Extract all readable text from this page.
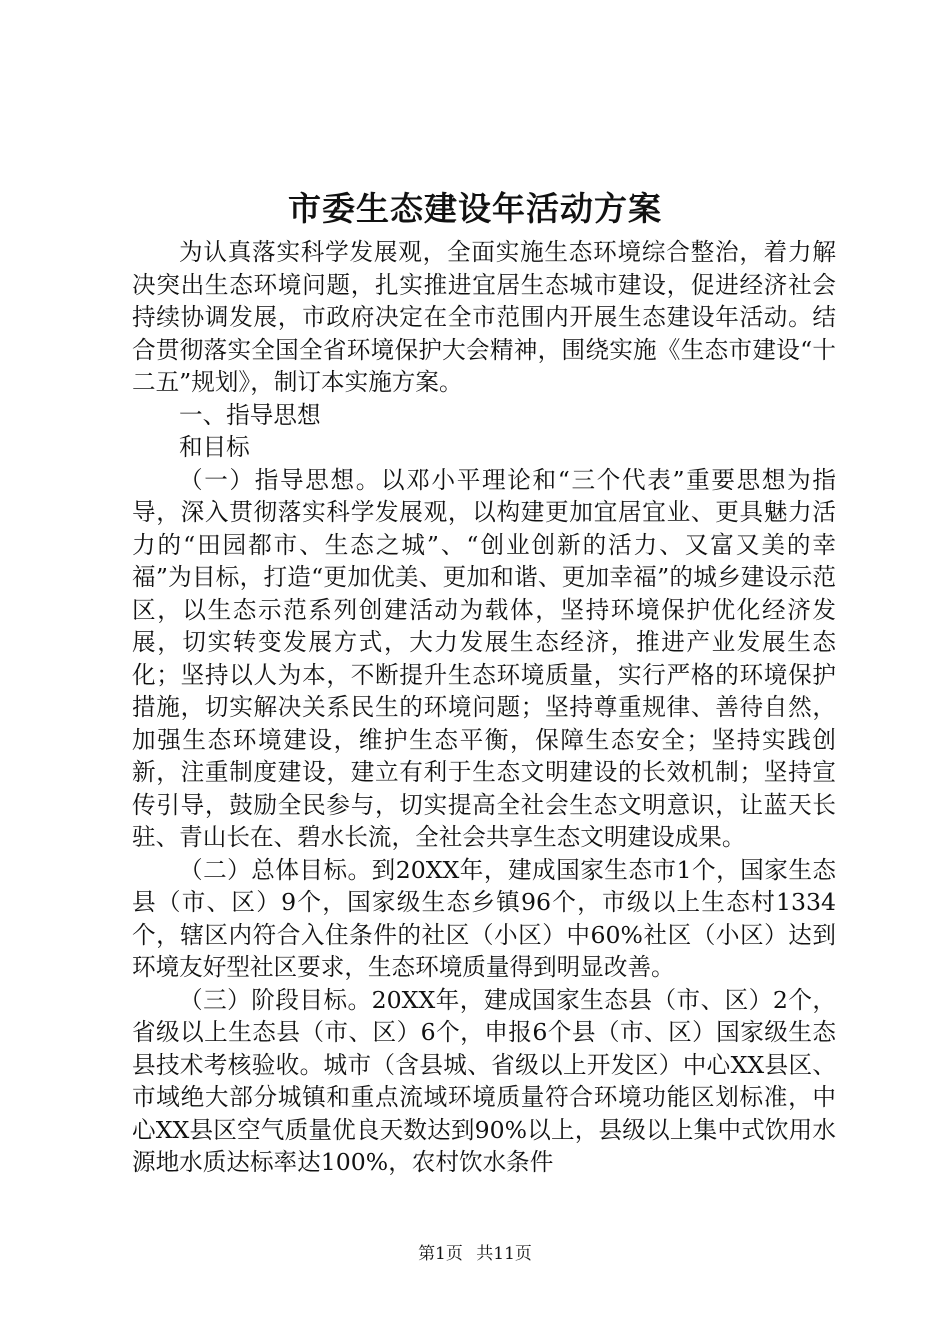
市委生态建设年活动方案

为认真落实科学发展观，全面实施生态环境综合整治，着力解决突出生态环境问题，扎实推进宜居生态城市建设，促进经济社会持续协调发展，市政府决定在全市范围内开展生态建设年活动。结合贯彻落实全国全省环境保护大会精神，围绕实施《生态市建设“十二五”规划》，制订本实施方案。

一、指导思想

和目标

（一）指导思想。以邓小平理论和“三个代表”重要思想为指导，深入贯彻落实科学发展观，以构建更加宜居宜业、更具魅力活力的“田园都市、生态之城”、“创业创新的活力、又富又美的幸福”为目标，打造“更加优美、更加和谐、更加幸福”的城乡建设示范区，以生态示范系列创建活动为载体，坚持环境保护优化经济发展，切实转变发展方式，大力发展生态经济，推进产业发展生态化；坚持以人为本，不断提升生态环境质量，实行严格的环境保护措施，切实解决关系民生的环境问题；坚持尊重规律、善待自然，加强生态环境建设，维护生态平衡，保障生态安全；坚持实践创新，注重制度建设，建立有利于生态文明建设的长效机制；坚持宣传引导，鼓励全民参与，切实提高全社会生态文明意识，让蓝天长驻、青山长在、碧水长流，全社会共享生态文明建设成果。

（二）总体目标。到20XX年，建成国家生态市1个，国家生态县（市、区）9个，国家级生态乡镇96个，市级以上生态村1334个，辖区内符合入住条件的社区（小区）中60%社区（小区）达到环境友好型社区要求，生态环境质量得到明显改善。

（三）阶段目标。20XX年，建成国家生态县（市、区）2个，省级以上生态县（市、区）6个，申报6个县（市、区）国家级生态县技术考核验收。城市（含县城、省级以上开发区）中心XX县区、市域绝大部分城镇和重点流域环境质量符合环境功能区划标准，中心XX县区空气质量优良天数达到90%以上，县级以上集中式饮用水源地水质达标率达100%，农村饮水条件

第1页 共11页
